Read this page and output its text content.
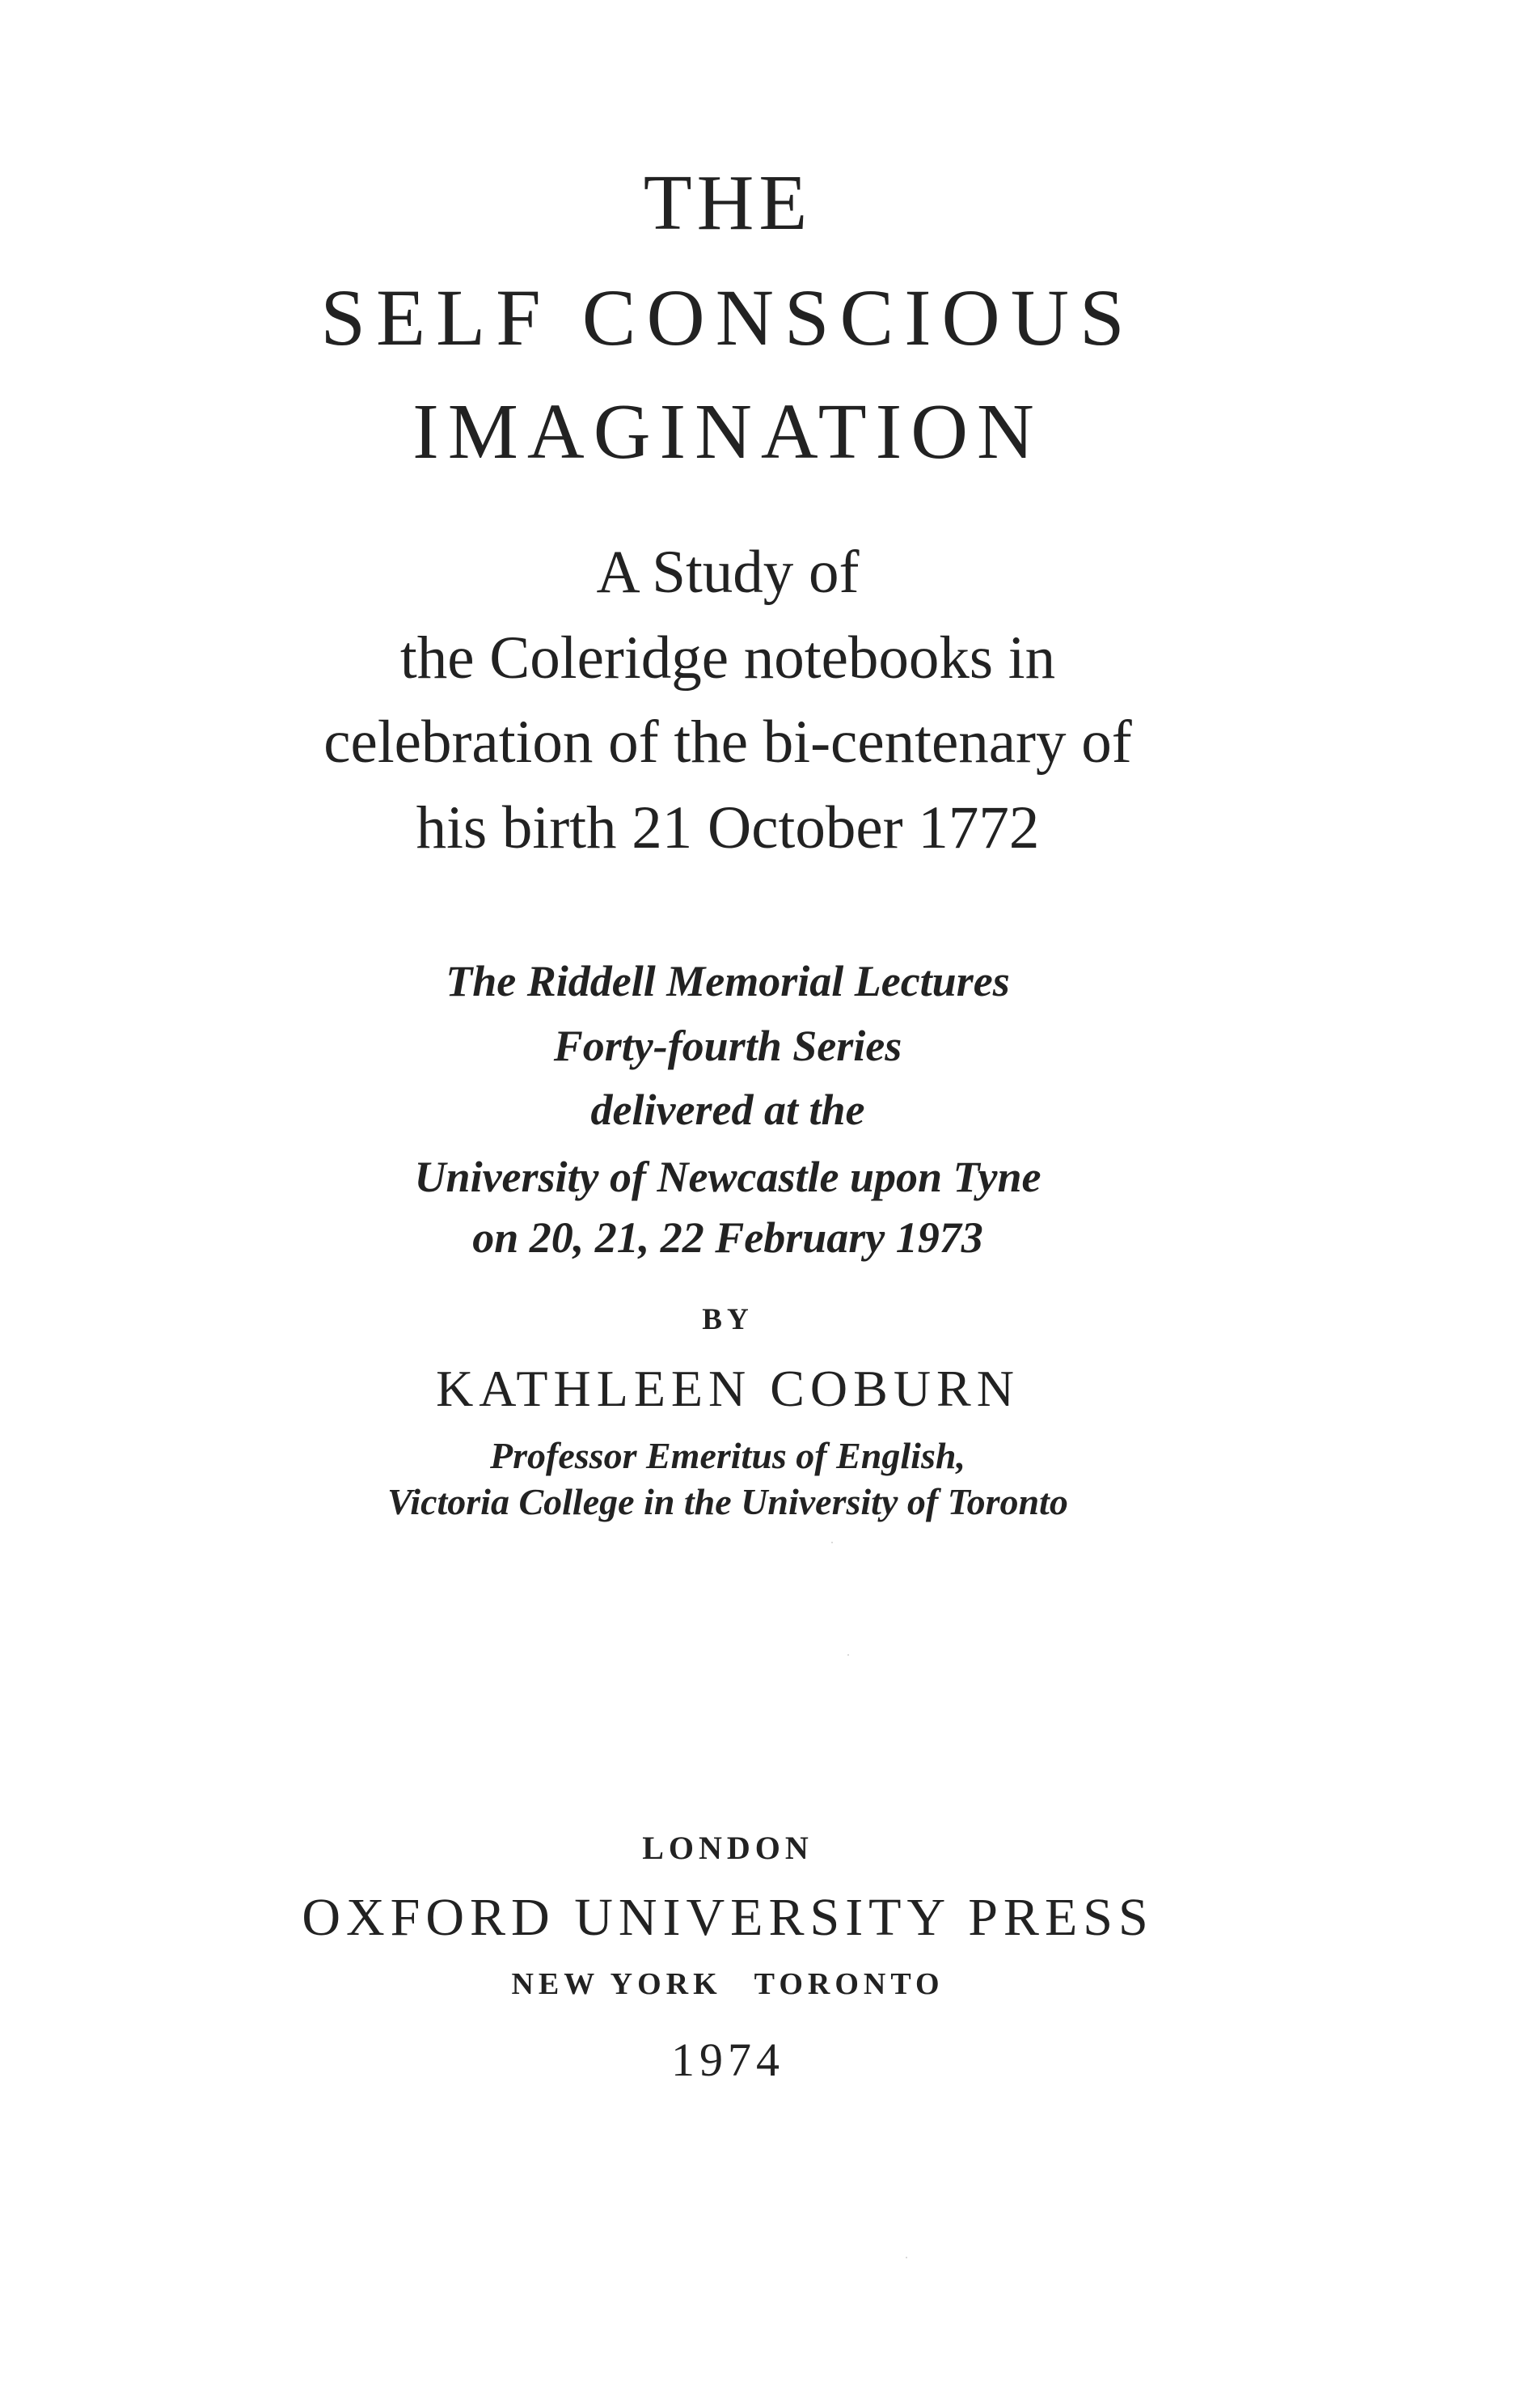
THE
SELF CONSCIOUS
IMAGINATION
A Study of
the Coleridge notebooks in
celebration of the bi-centenary of
his birth 21 October 1772
The Riddell Memorial Lectures
Forty-fourth Series
delivered at the
University of Newcastle upon Tyne
on 20, 21, 22 February 1973
BY
KATHLEEN COBURN
Professor Emeritus of English,
Victoria College in the University of Toronto
LONDON
OXFORD UNIVERSITY PRESS
NEW YORK TORONTO
1974
